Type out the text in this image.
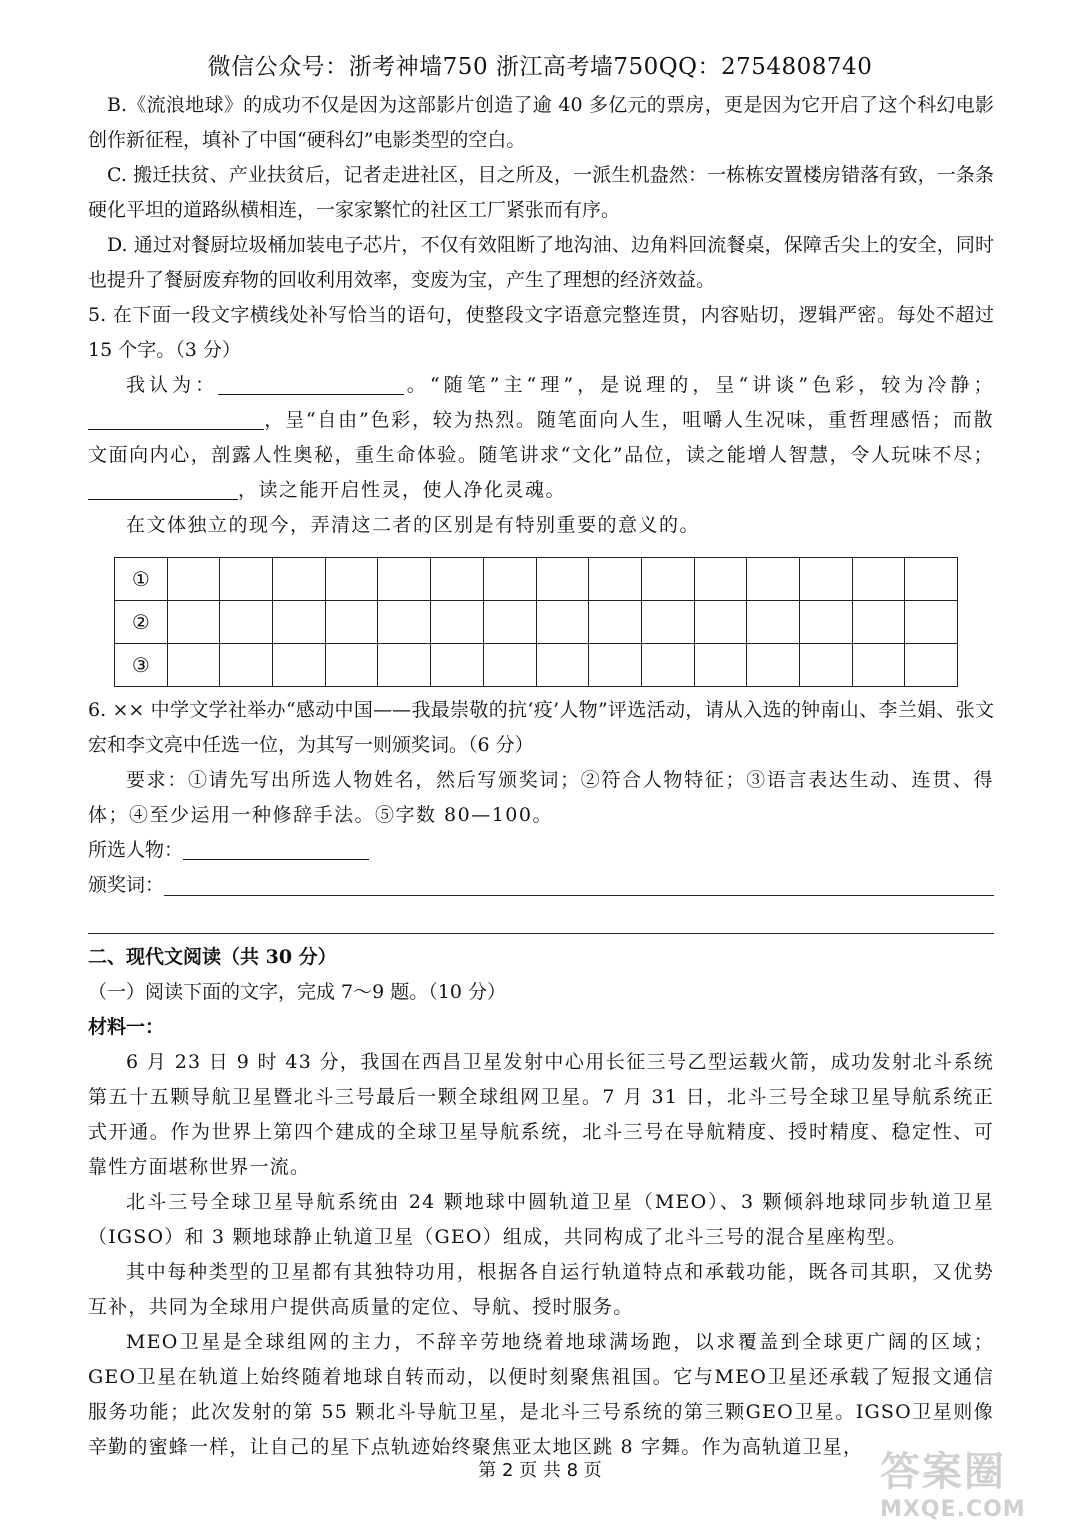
微信公众号：浙考神墙750 浙江高考墙750QQ：2754808740

B.《流浪地球》的成功不仅是因为这部影片创造了逾 40 多亿元的票房，更是因为它开启了这个科幻电影创作新征程，填补了中国“硬科幻”电影类型的空白。

C. 搬迁扶贫、产业扶贫后，记者走进社区，目之所及，一派生机盎然：一栋栋安置楼房错落有致，一条条硬化平坦的道路纵横相连，一家家繁忙的社区工厂紧张而有序。

D. 通过对餐厨垃圾桶加装电子芯片，不仅有效阻断了地沟油、边角料回流餐桌，保障舌尖上的安全，同时也提升了餐厨废弃物的回收利用效率，变废为宝，产生了理想的经济效益。

5. 在下面一段文字横线处补写恰当的语句，使整段文字语意完整连贯，内容贴切，逻辑严密。每处不超过 15 个字。（3 分）

我认为：	。“随笔”主“理”，是说理的，呈“讲谈”色彩，较为冷静；，呈“自由”色彩，较为热烈。随笔面向人生，咀嚼人生况味，重哲理感悟；而散文面向内心，剖露人性奥秘，重生命体验。随笔讲求“文化”品位，读之能增人智慧，令人玩味不尽；，读之能开启性灵，使人净化灵魂。

在文体独立的现今，弄清这二者的区别是有特别重要的意义的。

①															
②															
③															

6. ×× 中学文学社举办“感动中国——我最崇敬的抗‘疫’人物”评选活动，请从入选的钟南山、李兰娟、张文宏和李文亮中任选一位，为其写一则颁奖词。（6 分）

要求：①请先写出所选人物姓名，然后写颁奖词；②符合人物特征；③语言表达生动、连贯、得体；④至少运用一种修辞手法。⑤字数 80—100。

所选人物：

颁奖词：

二、现代文阅读（共 30 分）

（一）阅读下面的文字，完成 7～9 题。（10 分）

材料一：

6 月 23 日 9 时 43 分，我国在西昌卫星发射中心用长征三号乙型运载火箭，成功发射北斗系统第五十五颗导航卫星暨北斗三号最后一颗全球组网卫星。7 月 31 日，北斗三号全球卫星导航系统正式开通。作为世界上第四个建成的全球卫星导航系统，北斗三号在导航精度、授时精度、稳定性、可靠性方面堪称世界一流。

北斗三号全球卫星导航系统由 24 颗地球中圆轨道卫星（MEO）、3 颗倾斜地球同步轨道卫星（IGSO）和 3 颗地球静止轨道卫星（GEO）组成，共同构成了北斗三号的混合星座构型。

其中每种类型的卫星都有其独特功用，根据各自运行轨道特点和承载功能，既各司其职，又优势互补，共同为全球用户提供高质量的定位、导航、授时服务。

MEO卫星是全球组网的主力，不辞辛劳地绕着地球满场跑，以求覆盖到全球更广阔的区域；GEO卫星在轨道上始终随着地球自转而动，以便时刻聚焦祖国。它与MEO卫星还承载了短报文通信服务功能；此次发射的第 55 颗北斗导航卫星，是北斗三号系统的第三颗GEO卫星。IGSO卫星则像辛勤的蜜蜂一样，让自己的星下点轨迹始终聚焦亚太地区跳 8 字舞。作为高轨道卫星，

第 2 页 共 8 页	答案圈
MXQE.COM
